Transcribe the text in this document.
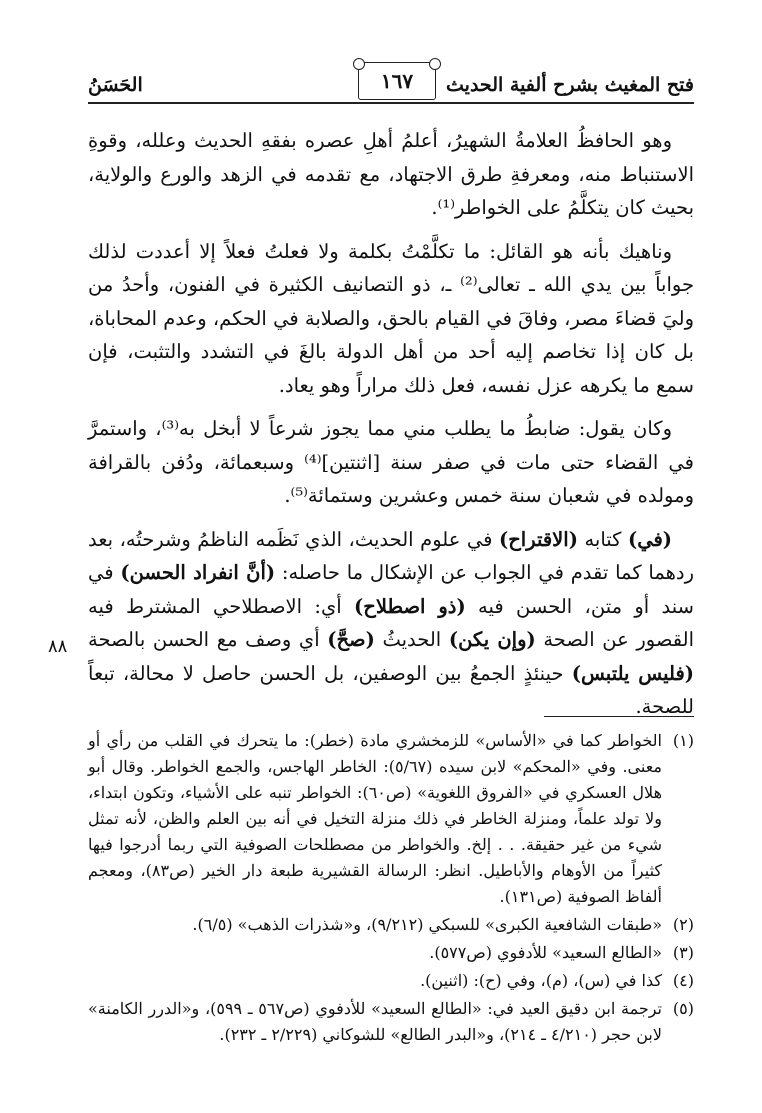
فتح المغيث بشرح ألفية الحديث
١٦٧
الحَسَنُ
٨٨

وهو الحافظُ العلامةُ الشهيرُ، أعلمُ أهلِ عصره بفقهِ الحديث وعلله، وقوةِ الاستنباط منه، ومعرفةِ طرق الاجتهاد، مع تقدمه في الزهد والورع والولاية، بحيث كان يتكلَّمُ على الخواطر⁽¹⁾.

وناهيك بأنه هو القائل: ما تكلَّمْتُ بكلمة ولا فعلتُ فعلاً إلا أعددت لذلك جواباً بين يدي الله ـ تعالى⁽²⁾ ـ، ذو التصانيف الكثيرة في الفنون، وأحدُ من وليَ قضاءَ مصر، وفاقَ في القيام بالحق، والصلابة في الحكم، وعدم المحاباة، بل كان إذا تخاصم إليه أحد من أهل الدولة بالغَ في التشدد والتثبت، فإن سمع ما يكرهه عزل نفسه، فعل ذلك مراراً وهو يعاد.

وكان يقول: ضابطُ ما يطلب مني مما يجوز شرعاً لا أبخل به⁽³⁾، واستمرَّ في القضاء حتى مات في صفر سنة [اثنتين]⁽⁴⁾ وسبعمائة، ودُفن بالقرافة ومولده في شعبان سنة خمس وعشرين وستمائة⁽⁵⁾.

(في) كتابه (الاقتراح) في علوم الحديث، الذي نَظَمه الناظمُ وشرحتُه، بعد ردهما كما تقدم في الجواب عن الإشكال ما حاصله: (أنَّ انفراد الحسن) في سند أو متن، الحسن فيه (ذو اصطلاح) أي: الاصطلاحي المشترط فيه القصور عن الصحة (وإن يكن) الحديثُ (صحَّ) أي وصف مع الحسن بالصحة (فليس يلتبس) حينئذٍ الجمعُ بين الوصفين، بل الحسن حاصل لا محالة، تبعاً للصحة.

(١)
الخواطر كما في «الأساس» للزمخشري مادة (خطر): ما يتحرك في القلب من رأي أو معنى. وفي «المحكم» لابن سيده (٥/٦٧): الخاطر الهاجس، والجمع الخواطر. وقال أبو هلال العسكري في «الفروق اللغوية» (ص٦٠): الخواطر تنبه على الأشياء، وتكون ابتداء، ولا تولد علماً، ومنزلة الخاطر في ذلك منزلة التخيل في أنه بين العلم والظن، لأنه تمثل شيء من غير حقيقة. . . إلخ. والخواطر من مصطلحات الصوفية التي ربما أدرجوا فيها كثيراً من الأوهام والأباطيل. انظر: الرسالة القشيرية طبعة دار الخير (ص٨٣)، ومعجم ألفاظ الصوفية (ص١٣١).
(٢)
«طبقات الشافعية الكبرى» للسبكي (٩/٢١٢)، و«شذرات الذهب» (٦/٥).
(٣)
«الطالع السعيد» للأدفوي (ص٥٧٧).
(٤)
كذا في (س)، (م)، وفي (ح): (اثنين).
(٥)
ترجمة ابن دقيق العيد في: «الطالع السعيد» للأدفوي (ص٥٦٧ ـ ٥٩٩)، و«الدرر الكامنة» لابن حجر (٤/٢١٠ ـ ٢١٤)، و«البدر الطالع» للشوكاني (٢/٢٢٩ ـ ٢٣٢).
